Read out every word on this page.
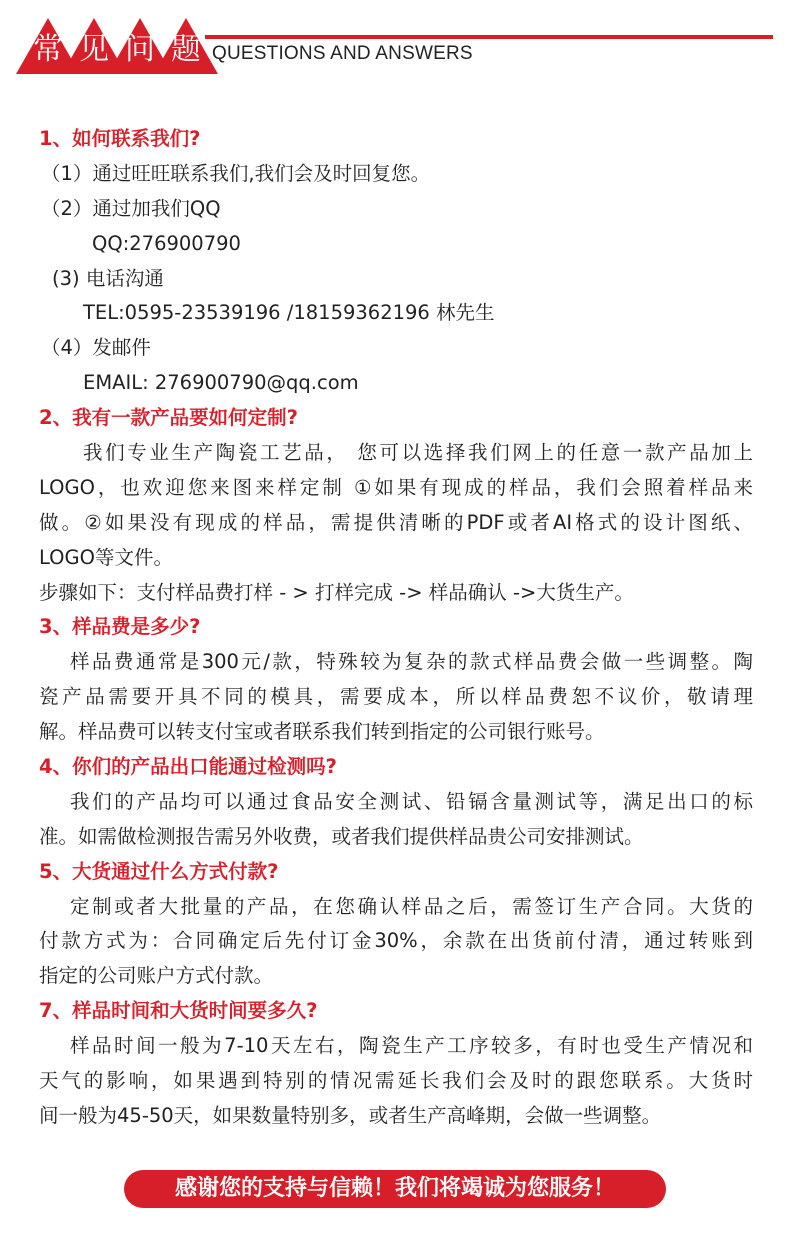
常 见 问 题 QUESTIONS AND ANSWERS
1、如何联系我们?
（1）通过旺旺联系我们,我们会及时回复您。
（2）通过加我们QQ
QQ:276900790
(3) 电话沟通
TEL:0595-23539196 /18159362196 林先生
（4）发邮件
EMAIL: 276900790@qq.com
2、我有一款产品要如何定制?
我们专业生产陶瓷工艺品， 您可以选择我们网上的任意一款产品加上
LOGO，也欢迎您来图来样定制 ①如果有现成的样品，我们会照着样品来
做。②如果没有现成的样品，需提供清晰的PDF或者AI格式的设计图纸、
LOGO等文件。
步骤如下：支付样品费打样 - > 打样完成 -> 样品确认 ->大货生产。
3、样品费是多少?
样品费通常是300元/款，特殊较为复杂的款式样品费会做一些调整。陶
瓷产品需要开具不同的模具，需要成本，所以样品费恕不议价，敬请理
解。样品费可以转支付宝或者联系我们转到指定的公司银行账号。
4、你们的产品出口能通过检测吗?
我们的产品均可以通过食品安全测试、铅镉含量测试等，满足出口的标
准。如需做检测报告需另外收费，或者我们提供样品贵公司安排测试。
5、大货通过什么方式付款?
定制或者大批量的产品，在您确认样品之后，需签订生产合同。大货的
付款方式为：合同确定后先付订金30%，余款在出货前付清，通过转账到
指定的公司账户方式付款。
7、样品时间和大货时间要多久?
样品时间一般为7-10天左右，陶瓷生产工序较多，有时也受生产情况和
天气的影响，如果遇到特别的情况需延长我们会及时的跟您联系。大货时
间一般为45-50天，如果数量特别多，或者生产高峰期，会做一些调整。
感谢您的支持与信赖！我们将竭诚为您服务！
